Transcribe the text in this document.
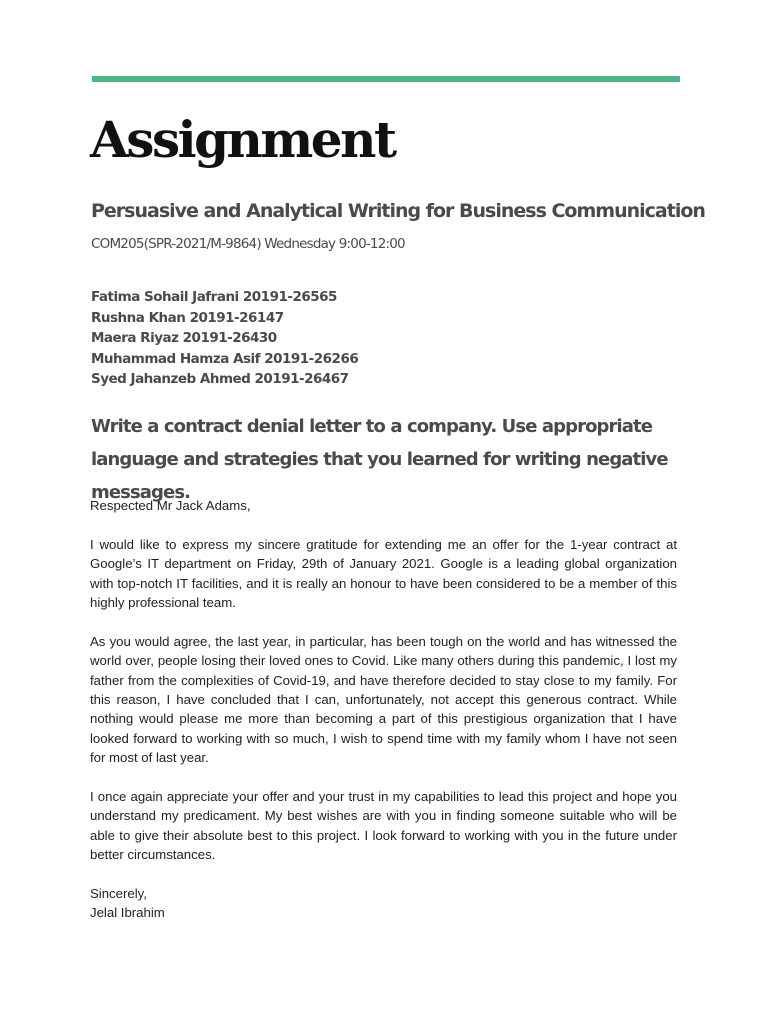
Assignment
Persuasive and Analytical Writing for Business Communication
COM205(SPR-2021/M-9864) Wednesday 9:00-12:00
Fatima Sohail Jafrani 20191-26565
Rushna Khan 20191-26147
Maera Riyaz 20191-26430
Muhammad Hamza Asif 20191-26266
Syed Jahanzeb Ahmed 20191-26467
Write a contract denial letter to a company. Use appropriate language and strategies that you learned for writing negative messages.

Respected Mr Jack Adams,

I would like to express my sincere gratitude for extending me an offer for the 1-year contract at Google’s IT department on Friday, 29th of January 2021. Google is a leading global organization with top-notch IT facilities, and it is really an honour to have been considered to be a member of this highly professional team.

As you would agree, the last year, in particular, has been tough on the world and has witnessed the world over, people losing their loved ones to Covid. Like many others during this pandemic, I lost my father from the complexities of Covid-19, and have therefore decided to stay close to my family. For this reason, I have concluded that I can, unfortunately, not accept this generous contract. While nothing would please me more than becoming a part of this prestigious organization that I have looked forward to working with so much, I wish to spend time with my family whom I have not seen for most of last year.

I once again appreciate your offer and your trust in my capabilities to lead this project and hope you understand my predicament. My best wishes are with you in finding someone suitable who will be able to give their absolute best to this project. I look forward to working with you in the future under better circumstances.

Sincerely,

Jelal Ibrahim
